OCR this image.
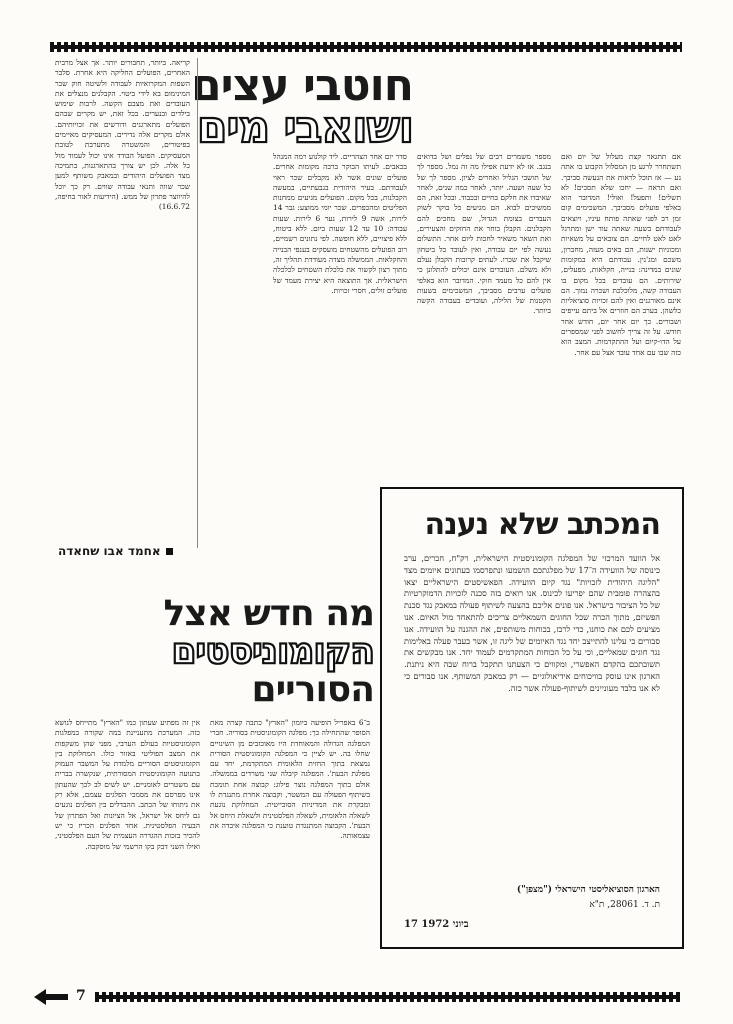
חוטבי עצים
ושואבי מים
אם תתגאר קצת מעלול של יום ואם תשתחרר לרגע מן המסלול הקבוע בו אתה נע — אז תוכל לראות את הנעשה סביבך. ואם תראה — יחכו שלא תסכים! לא תשלים! ותפעל! ואולי! המדובר הוא באלפי פועלים מסביבך. המשכימים קום זמן רב לפני שאתה פותח עיניו, ויוצאים לעבודתם בשעה שאתה עוד ישן ומתרגל לאט לאט לחיים. הם צובאים על משאיות ומכוניות ישנות, הם באים מעזה, מחברון, משכם ומג'נין. עבודתם היא במקומות שונים במדינה: בנייה, חקלאות, מפעלים, שירותים. הם עובדים בכל מקום בו העבודה קשה, מלוכלכת ושכרה נמוך. הם אינם מאורגנים ואין להם זכויות סוציאליות כלשהן. בערב הם חוזרים אל ביתם עייפים ושבורים. כך יום אחר יום, חודש אחר חודש. על זה צריך לחשוב לפני שמספרים על הדו-קיום ועל ההתקדמות. המצב הוא כזה שבו עם אחד עובד אצל עם אחר.
מספר משמרים רבים של נפלים ושל בדואים בנגב. אז לא ידעת אפילו מה זה נמל. מספר לך של תושבי הגליל ואחרים לציון. מספר לך של כל שעה ושעה. יותר, לאחר כמה שנים, לאחר שאיבדו את חלקם בחיים ובכבוד. ובכל זאת, הם ממשיכים לבוא. הם מגיעים כל בוקר לשוק העבדים בצומת הגדול, שם מחכים להם הקבלנים. הקבלן בוחר את החזקים והצעירים, ואת השאר משאיר לחכות ליום אחר. התשלום נעשה לפי יום עבודה, ואין לעובד כל ביטחון שיקבל את שכרו. לעתים קרובות הקבלן נעלם ולא משלם. העובדים אינם יכולים להתלונן כי אין להם כל מעמד חוקי. המדובר הוא באלפי פועלים ערבים מסביבך, המשכימים בשעות הקטנות של הלילה, ועובדים בעבודה הקשה ביותר.
סדר יום אחר הצהריים. ליד קולנוע רמה המנהל בכאבים. לעיתו הבוקר ברבה מקומות אחרים. פועלים שונים אשר לא מקבלים שכר ראוי לעבודתם. בעיר היהודית בגבעתיים, במעשה הקבלנות, בכל מקום. הפועלים מגיעים ממחנות הפליטים ומהכפרים. שכר יומי ממוצע: גבר 14 לירות, אשה 9 לירות, נער 6 לירות. שעות עבודה: 10 עד 12 שעות ביום. ללא ביטוח, ללא פיצויים, ללא חופשה. לפי נתונים רשמיים, רוב הפועלים מהשטחים מועסקים בענפי הבנייה והחקלאות. הממשלה מצדה מעודדת תהליך זה, מתוך רצון לקשור את כלכלת השטחים לכלכלה הישראלית. אך התוצאה היא יצירת מעמד של פועלים זולים, חסרי זכויות.
קריאה. ביותר, תחבורים יותר. אך אצל מרבית האחרים, הפועלים החליקה היא אחרת. סלבר השפות המקרואיות לעבודה ולשיטה חוק שכר המינימום בא לידי ביטוי. הקבלנים מנצלים את העובדים ואת מצבם הקשה. לרבות שימוש בילדים ובנערים. בכל זאת, יש מקרים שבהם הפועלים מתארגנים ודורשים את זכויותיהם. אולם מקרים אלה נדירים. המעסיקים מאיימים בפיטורים, והמשטרה מתערבת לטובת המעסיקים. הפועל הבודד אינו יכול לעמוד מול כל אלה. לכן יש צורך בהתארגנות, בתמיכה מצד הפועלים היהודים ובמאבק משותף למען שכר שווה ותנאי עבודה שווים. רק כך יוכל להיווצר פתרון של ממש. (הידיעות לאור בחיפה, 16.6.72)
אחמד אבו שחאדה
המכתב שלא נענה
אל הוועד המרכזי של המפלגה הקומוניסטית הישראלית, רק"ח, חברים, ערב כינוסה של הוועידה ה־17 של מפלגתכם הושמעו ונתפרסמו בעתונים איומים מצד "הליגה היהודית לזכויות" נגד קיום הוועידה. הפאשיסטים הישראליים יצאו בהצהרה פומבית שהם יפריעו לכינוס. אנו רואים בזה סכנה לזכויות הדמוקרטיות של כל הציבור בישראל. אנו פונים אליכם בהצעה לשיתוף פעולה במאבק נגד סכנת הפשיזם, מתוך הכרה שכל החוגים השמאליים צריכים להתאחד מול האיום. אנו מציעים לכם את כוחנו, כדי לרכז, בכוחות משותפים, את ההגנה על הוועידה. אנו סבורים כי עלינו להתייצב יחד נגד האיומים של ליגה זו, אשר בעבר פעלה באלימות נגד חוגים שמאליים, וכי על כל הכוחות המתקדמים לעמוד יחד. אנו מבקשים את תשובתכם בהקדם האפשרי, ומקווים כי הצעתנו תתקבל ברוח שבה היא ניתנת. הארגון אינו עוסק בוויכוחים אידיאולוגיים — רק במאבק המשותף. אנו סבורים כי לא אנו בלבד מעוניינים לשיתוף-פעולה אשר כזה.
הארגון הסוציאליסטי הישראלי ("מצפן")
ת. ד. 28061, ת"א
17 ביוני 1972
מה חדש אצל
הקומוניסטים
הסוריים
ב־6 באפריל הופיעה ביומון "הארץ" כתבה קצרה מאת הסופר שהתחילה כך: מפלגה הקומוניסטית בסוריה. חברי המפלגה הגדולה והמאוחדת היו מאוכזבים מן השינויים שחלו בה. יש לציין כי המפלגה הקומוניסטית הסורית נמצאת בתוך החזית הלאומית המתקדמת, יחד עם מפלגת הבעת'. המפלגה קיבלה שני משרדים בממשלה. אולם בתוך המפלגה נוצר פילוג: קבוצה אחת תומכת בשיתוף הפעולה עם המשטר, וקבוצה אחרת מתנגדת לו ומבקרת את המדיניות הסובייטית. המחלוקת נוגעת לשאלה הלאומית, לשאלה הפלסטינית ולשאלת היחס אל הבעת'. הקבוצה המתנגדת טוענת כי המפלגה איבדה את עצמאותה.
אין זה מפתיע שעתון כמו "הארץ" מתייחס לנושא כזה. המערכת מתעניינת במה שקורה במפלגות הקומוניסטיות בעולם הערבי, מפני שהן משקפות את המצב הפוליטי באזור כולו. המחלוקת בין הקומוניסטים הסוריים מלמדת על המשבר העמוק בתנועה הקומוניסטית המסורתית, שנקשרה בברית עם משטרים לאומניים. יש לשים לב לכך שהעתון אינו מפרסם את מסמכי הפלגים עצמם, אלא רק את ניתוחו של הכתב. ההבדלים בין הפלגים נוגעים גם ליחס אל ישראל, אל הציונות ואל הפתרון של הבעיה הפלסטינית. אחד הפלגים הכריז כי יש להכיר בזכות ההגדרה העצמית של העם הפלסטיני, ואילו השני דבק בקו הרשמי של מוסקבה.
7
